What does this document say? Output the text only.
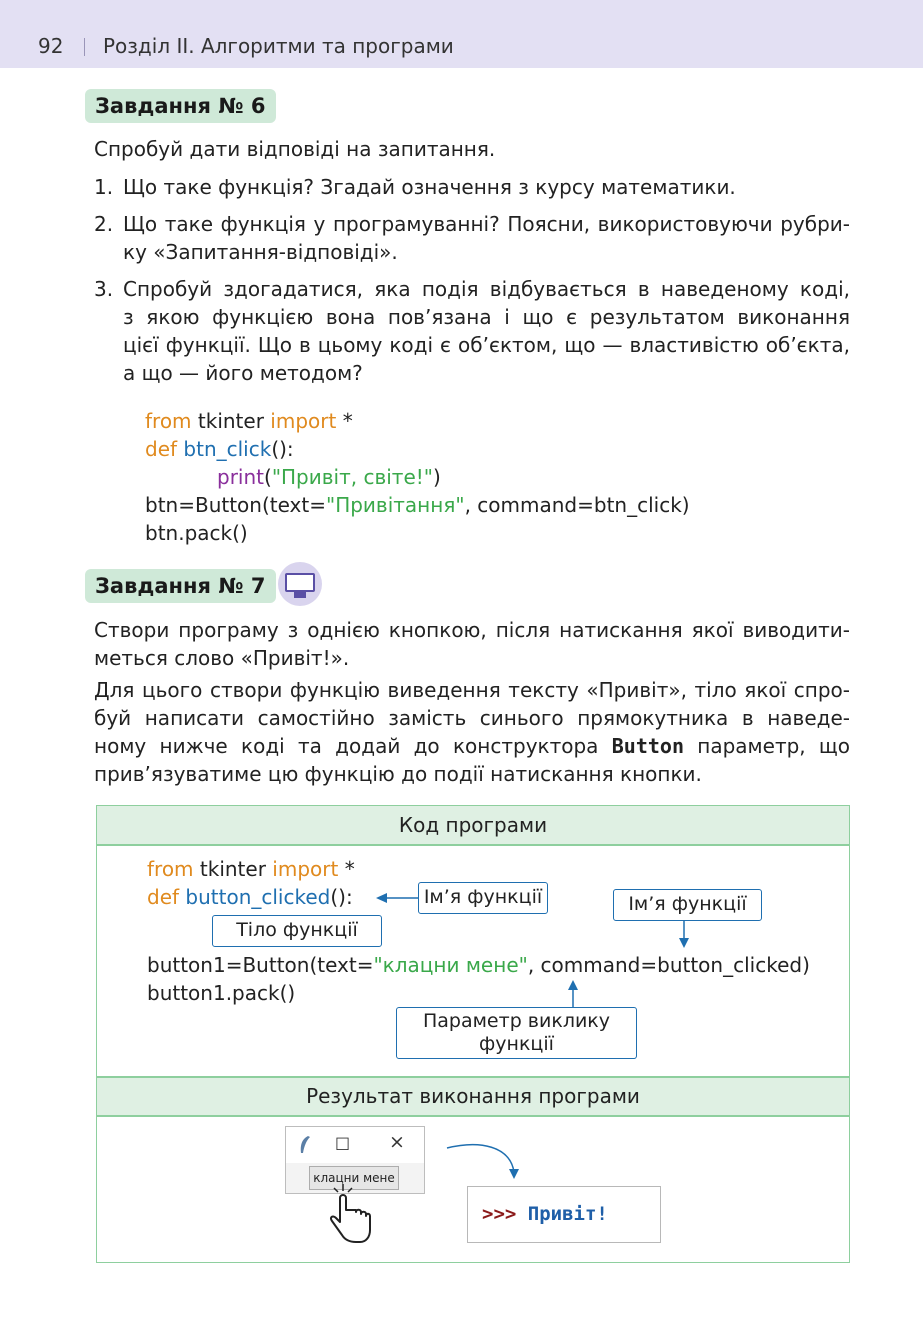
92 Розділ ІІ. Алгоритми та програми
Завдання № 6
Спробуй дати відповіді на запитання.
1. Що таке функція? Згадай означення з курсу математики.
2. Що таке функція у програмуванні? Поясни, використовуючи рубри-
ку «Запитання-відповіді».
3. Спробуй здогадатися, яка подія відбувається в наведеному коді,
з якою функцією вона пов’язана і що є результатом виконання
цієї функції. Що в цьому коді є об’єктом, що — властивістю об’єкта,
а що — його методом?
from tkinter import *
def btn_click():
print("Привіт, світе!")
btn=Button(text="Привітання", command=btn_click)
btn.pack()
Завдання № 7
Створи програму з однією кнопкою, після натискання якої виводити-
меться слово «Привіт!».
Для цього створи функцію виведення тексту «Привіт», тіло якої спро-
буй написати самостійно замість синього прямокутника в наведе-
ному нижче коді та додай до конструктора Button параметр, що
прив’язуватиме цю функцію до події натискання кнопки.
Код програми
from tkinter import *
def button_clicked():
button1=Button(text="клацни мене", command=button_clicked)
button1.pack()
Ім’я функції	Ім’я функції
Тіло функції
Параметр виклику
функції
Результат виконання програми
□ ×
клацни мене
>>> Привіт!
